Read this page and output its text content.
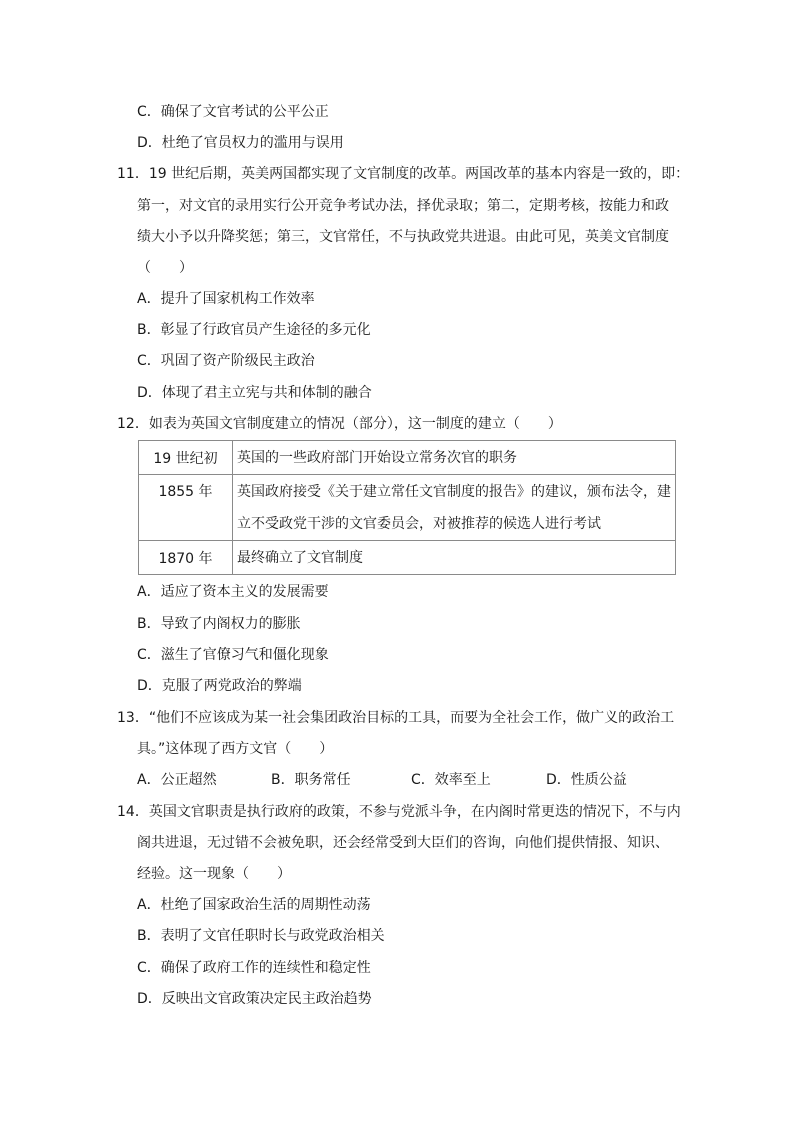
C．确保了文官考试的公平公正
D．杜绝了官员权力的滥用与误用
11．19 世纪后期，英美两国都实现了文官制度的改革。两国改革的基本内容是一致的，即：
第一，对文官的录用实行公开竞争考试办法，择优录取；第二，定期考核，按能力和政
绩大小予以升降奖惩；第三，文官常任，不与执政党共进退。由此可见，英美文官制度
（　　）
A．提升了国家机构工作效率
B．彰显了行政官员产生途径的多元化
C．巩固了资产阶级民主政治
D．体现了君主立宪与共和体制的融合
12．如表为英国文官制度建立的情况（部分），这一制度的建立（　　）
19 世纪初	英国的一些政府部门开始设立常务次官的职务
1855 年	英国政府接受《关于建立常任文官制度的报告》的建议，颁布法令，建
立不受政党干涉的文官委员会，对被推荐的候选人进行考试

1870 年	最终确立了文官制度
A．适应了资本主义的发展需要
B．导致了内阁权力的膨胀
C．滋生了官僚习气和僵化现象
D．克服了两党政治的弊端
13．“他们不应该成为某一社会集团政治目标的工具，而要为全社会工作，做广义的政治工
具。”这体现了西方文官（　　）
A．公正超然	B．职务常任	C．效率至上	D．性质公益
14．英国文官职责是执行政府的政策，不参与党派斗争，在内阁时常更迭的情况下，不与内
阁共进退，无过错不会被免职，还会经常受到大臣们的咨询，向他们提供情报、知识、
经验。这一现象（　　）
A．杜绝了国家政治生活的周期性动荡
B．表明了文官任职时长与政党政治相关
C．确保了政府工作的连续性和稳定性
D．反映出文官政策决定民主政治趋势
